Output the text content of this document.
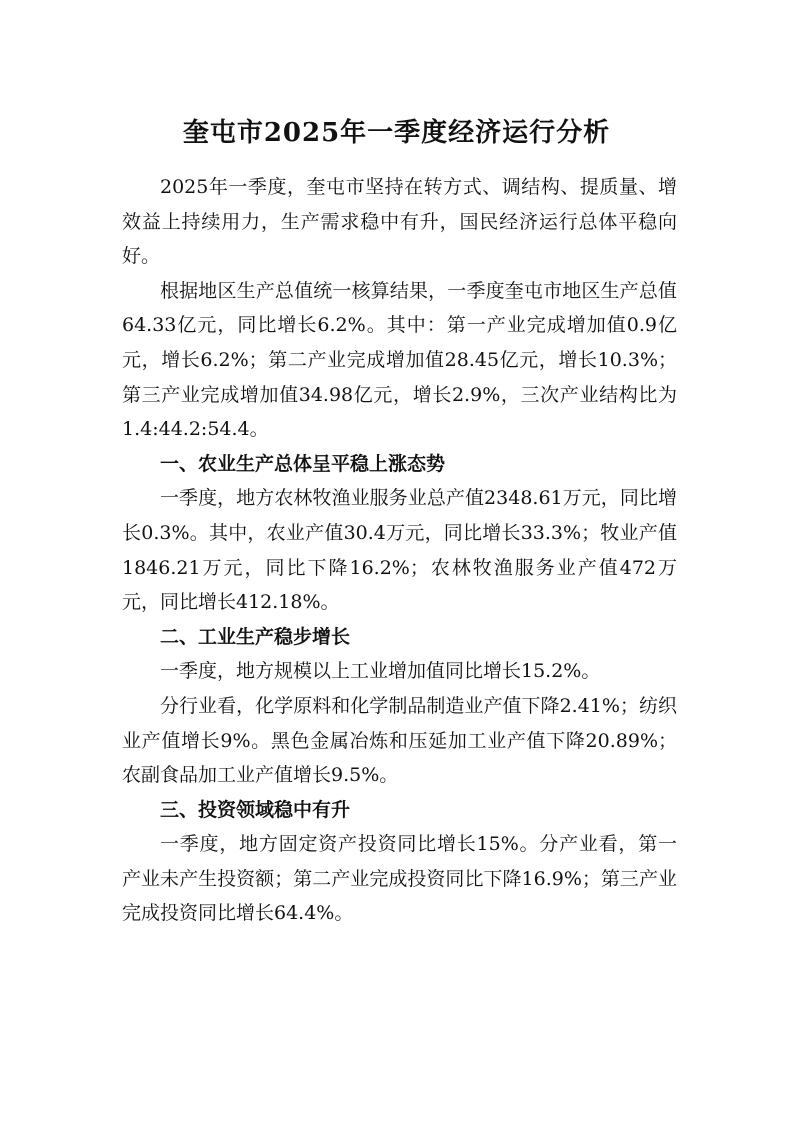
奎屯市2025年一季度经济运行分析

2025年一季度，奎屯市坚持在转方式、调结构、提质量、增效益上持续用力，生产需求稳中有升，国民经济运行总体平稳向好。

根据地区生产总值统一核算结果，一季度奎屯市地区生产总值64.33亿元，同比增长6.2%。其中：第一产业完成增加值0.9亿元，增长6.2%；第二产业完成增加值28.45亿元，增长10.3%；第三产业完成增加值34.98亿元，增长2.9%，三次产业结构比为1.4:44.2:54.4。

一、农业生产总体呈平稳上涨态势

一季度，地方农林牧渔业服务业总产值2348.61万元，同比增长0.3%。其中，农业产值30.4万元，同比增长33.3%；牧业产值1846.21万元，同比下降16.2%；农林牧渔服务业产值472万元，同比增长412.18%。

二、工业生产稳步增长

一季度，地方规模以上工业增加值同比增长15.2%。

分行业看，化学原料和化学制品制造业产值下降2.41%；纺织业产值增长9%。黑色金属冶炼和压延加工业产值下降20.89%；农副食品加工业产值增长9.5%。

三、投资领域稳中有升

一季度，地方固定资产投资同比增长15%。分产业看，第一产业未产生投资额；第二产业完成投资同比下降16.9%；第三产业完成投资同比增长64.4%。
